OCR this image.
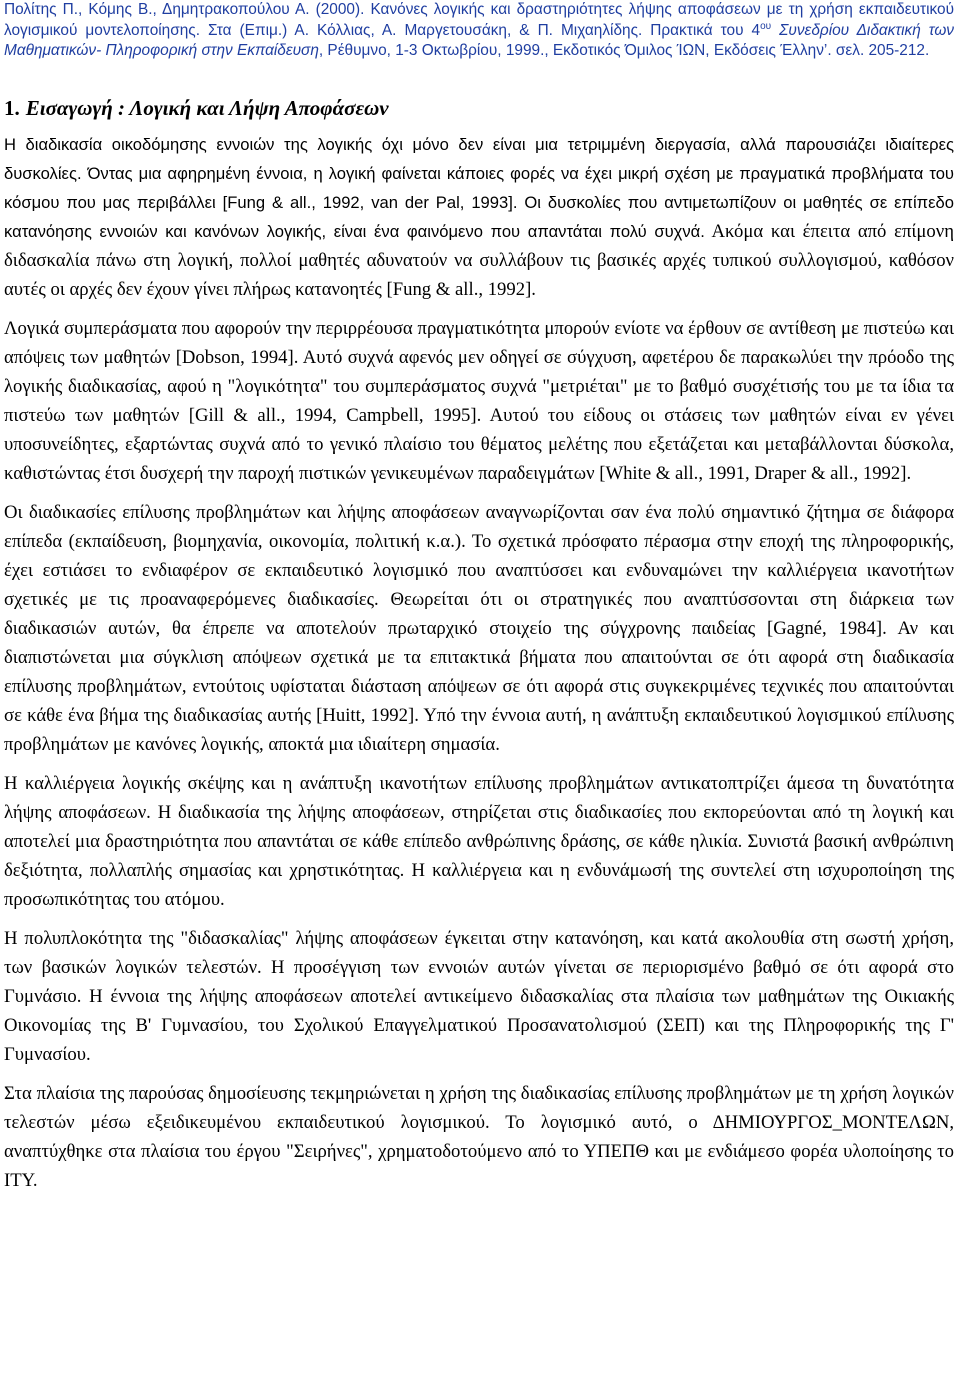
Πολίτης Π., Κόμης Β., Δημητρακοπούλου Α. (2000). Κανόνες λογικής και δραστηριότητες λήψης αποφάσεων με τη χρήση εκπαιδευτικού λογισμικού μοντελοποίησης. Στα (Επιμ.) Α. Κόλλιας, Α. Μαργετουσάκη, & Π. Μιχαηλίδης. Πρακτικά του $4^{o\upsilon}$ Συνεδρίου Διδακτική των Μαθηματικών- Πληροφορική στην Εκπαίδευση, Ρέθυμνο, 1-3 Οκτωβρίου, 1999., Εκδοτικός Όμιλος ΊΩΝ, Εκδόσεις Έλλην’. σελ. 205-212.

1. Εισαγωγή : Λογική και Λήψη Αποφάσεων

Η διαδικασία οικοδόμησης εννοιών της λογικής όχι μόνο δεν είναι μια τετριμμένη διεργασία, αλλά παρουσιάζει ιδιαίτερες δυσκολίες. Όντας μια αφηρημένη έννοια, η λογική φαίνεται κάποιες φορές να έχει μικρή σχέση με πραγματικά προβλήματα του κόσμου που μας περιβάλλει [Fung & all., 1992, van der Pal, 1993]. Οι δυσκολίες που αντιμετωπίζουν οι μαθητές σε επίπεδο κατανόησης εννοιών και κανόνων λογικής, είναι ένα φαινόμενο που απαντάται πολύ συχνά. Ακόμα και έπειτα από επίμονη διδασκαλία πάνω στη λογική, πολλοί μαθητές αδυνατούν να συλλάβουν τις βασικές αρχές τυπικού συλλογισμού, καθόσον αυτές οι αρχές δεν έχουν γίνει πλήρως κατανοητές [Fung & all., 1992].

Λογικά συμπεράσματα που αφορούν την περιρρέουσα πραγματικότητα μπορούν ενίοτε να έρθουν σε αντίθεση με πιστεύω και απόψεις των μαθητών [Dobson, 1994]. Αυτό συχνά αφενός μεν οδηγεί σε σύγχυση, αφετέρου δε παρακωλύει την πρόοδο της λογικής διαδικασίας, αφού η "λογικότητα" του συμπεράσματος συχνά "μετριέται" με το βαθμό συσχέτισής του με τα ίδια τα πιστεύω των μαθητών [Gill & all., 1994, Campbell, 1995]. Αυτού του είδους οι στάσεις των μαθητών είναι εν γένει υποσυνείδητες, εξαρτώντας συχνά από το γενικό πλαίσιο του θέματος μελέτης που εξετάζεται και μεταβάλλονται δύσκολα, καθιστώντας έτσι δυσχερή την παροχή πιστικών γενικευμένων παραδειγμάτων [White & all., 1991, Draper & all., 1992].

Οι διαδικασίες επίλυσης προβλημάτων και λήψης αποφάσεων αναγνωρίζονται σαν ένα πολύ σημαντικό ζήτημα σε διάφορα επίπεδα (εκπαίδευση, βιομηχανία, οικονομία, πολιτική κ.α.). Το σχετικά πρόσφατο πέρασμα στην εποχή της πληροφορικής, έχει εστιάσει το ενδιαφέρον σε εκπαιδευτικό λογισμικό που αναπτύσσει και ενδυναμώνει την καλλιέργεια ικανοτήτων σχετικές με τις προαναφερόμενες διαδικασίες. Θεωρείται ότι οι στρατηγικές που αναπτύσσονται στη διάρκεια των διαδικασιών αυτών, θα έπρεπε να αποτελούν πρωταρχικό στοιχείο της σύγχρονης παιδείας [Gagné, 1984]. Αν και διαπιστώνεται μια σύγκλιση απόψεων σχετικά με τα επιτακτικά βήματα που απαιτούνται σε ότι αφορά στη διαδικασία επίλυσης προβλημάτων, εντούτοις υφίσταται διάσταση απόψεων σε ότι αφορά στις συγκεκριμένες τεχνικές που απαιτούνται σε κάθε ένα βήμα της διαδικασίας αυτής [Huitt, 1992]. Υπό την έννοια αυτή, η ανάπτυξη εκπαιδευτικού λογισμικού επίλυσης προβλημάτων με κανόνες λογικής, αποκτά μια ιδιαίτερη σημασία.

Η καλλιέργεια λογικής σκέψης και η ανάπτυξη ικανοτήτων επίλυσης προβλημάτων αντικατοπτρίζει άμεσα τη δυνατότητα λήψης αποφάσεων. Η διαδικασία της λήψης αποφάσεων, στηρίζεται στις διαδικασίες που εκπορεύονται από τη λογική και αποτελεί μια δραστηριότητα που απαντάται σε κάθε επίπεδο ανθρώπινης δράσης, σε κάθε ηλικία. Συνιστά βασική ανθρώπινη δεξιότητα, πολλαπλής σημασίας και χρηστικότητας. Η καλλιέργεια και η ενδυνάμωσή της συντελεί στη ισχυροποίηση της προσωπικότητας του ατόμου.

Η πολυπλοκότητα της "διδασκαλίας" λήψης αποφάσεων έγκειται στην κατανόηση, και κατά ακολουθία στη σωστή χρήση, των βασικών λογικών τελεστών. Η προσέγγιση των εννοιών αυτών γίνεται σε περιορισμένο βαθμό σε ότι αφορά στο Γυμνάσιο. Η έννοια της λήψης αποφάσεων αποτελεί αντικείμενο διδασκαλίας στα πλαίσια των μαθημάτων της Οικιακής Οικονομίας της Β' Γυμνασίου, του Σχολικού Επαγγελματικού Προσανατολισμού (ΣΕΠ) και της Πληροφορικής της Γ' Γυμνασίου.

Στα πλαίσια της παρούσας δημοσίευσης τεκμηριώνεται η χρήση της διαδικασίας επίλυσης προβλημάτων με τη χρήση λογικών τελεστών μέσω εξειδικευμένου εκπαιδευτικού λογισμικού. Το λογισμικό αυτό, ο ΔΗΜΙΟΥΡΓΟΣ_ΜΟΝΤΕΛΩΝ, αναπτύχθηκε στα πλαίσια του έργου "Σειρήνες", χρηματοδοτούμενο από το ΥΠΕΠΘ και με ενδιάμεσο φορέα υλοποίησης το ΙΤΥ.
